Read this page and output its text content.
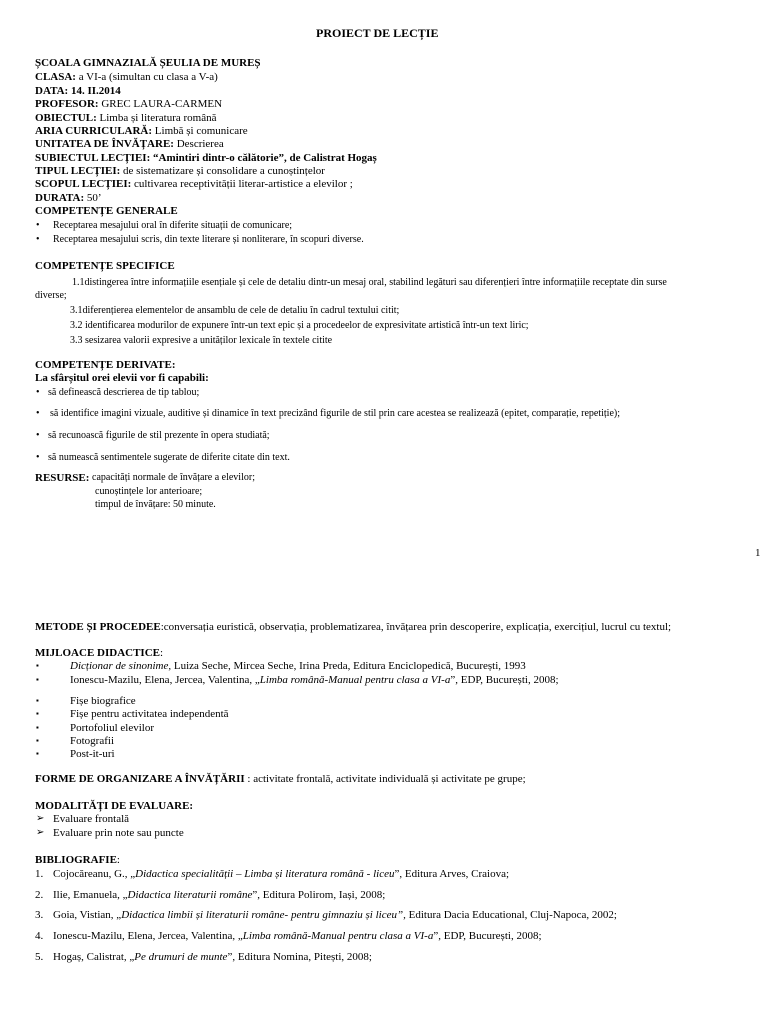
PROIECT DE LECȚIE
ȘCOALA GIMNAZIALĂ ȘEULIA DE MUREȘ
CLASA: a VI-a (simultan cu clasa a V-a)
DATA: 14. II.2014
PROFESOR: GREC LAURA-CARMEN
OBIECTUL: Limba și literatura română
ARIA CURRICULARĂ: Limbă și comunicare
UNITATEA DE ÎNVĂȚARE: Descrierea
SUBIECTUL LECȚIEI: “Amintiri dintr-o călătorie”, de Calistrat Hogaș
TIPUL LECȚIEI: de sistematizare și consolidare a cunoștințelor
SCOPUL LECȚIEI: cultivarea receptivității literar-artistice a elevilor ;
DURATA: 50’
COMPETENȚE GENERALE
• Receptarea mesajului oral în diferite situații de comunicare;
• Receptarea mesajului scris, din texte literare și nonliterare, în scopuri diverse.
COMPETENȚE SPECIFICE
1.1distingerea între informațiile esențiale și cele de detaliu dintr-un mesaj oral, stabilind legături sau diferențieri între informațiile receptate din surse
diverse;
3.1diferențierea elementelor de ansamblu de cele de detaliu în cadrul textului citit;
3.2 identificarea modurilor de expunere într-un text epic și a procedeelor de expresivitate artistică într-un text liric;
3.3 sesizarea valorii expresive a unităților lexicale în textele citite
COMPETENȚE DERIVATE:
La sfârșitul orei elevii vor fi capabili:
• să definească descrierea de tip tablou;
• să identifice imagini vizuale, auditive și dinamice în text precizând figurile de stil prin care acestea se realizează (epitet, comparație, repetiție);
• să recunoască figurile de stil prezente în opera studiată;
• să numească sentimentele sugerate de diferite citate din text.
RESURSE: capacități normale de învățare a elevilor;
cunoștințele lor anterioare;
timpul de învățare: 50 minute.
1
METODE ȘI PROCEDEE:conversația euristică, observația, problematizarea, învățarea prin descoperire, explicația, exercițiul, lucrul cu textul;
MIJLOACE DIDACTICE:
▪	Dicționar de sinonime, Luiza Seche, Mircea Seche, Irina Preda, Editura Enciclopedică, București, 1993
▪	Ionescu-Mazilu, Elena, Jercea, Valentina, „Limba română-Manual pentru clasa a VI-a”, EDP, București, 2008;
▪	Fișe biografice
▪	Fișe pentru activitatea independentă
▪	Portofoliul elevilor
▪	Fotografii
▪	Post-it-uri
FORME DE ORGANIZARE A ÎNVĂȚĂRII : activitate frontală, activitate individuală și activitate pe grupe;
MODALITĂȚI DE EVALUARE:
➢ Evaluare frontală
➢ Evaluare prin note sau puncte
BIBLIOGRAFIE:
1. Cojocăreanu, G., „Didactica specialității – Limba și literatura română - liceu”, Editura Arves, Craiova;
2. Ilie, Emanuela, „Didactica literaturii române”, Editura Polirom, Iași, 2008;
3. Goia, Vistian, „Didactica limbii și literaturii române- pentru gimnaziu și liceu”, Editura Dacia Educational, Cluj-Napoca, 2002;
4. Ionescu-Mazilu, Elena, Jercea, Valentina, „Limba română-Manual pentru clasa a VI-a”, EDP, București, 2008;
5. Hogaș, Calistrat, „Pe drumuri de munte”, Editura Nomina, Pitești, 2008;
